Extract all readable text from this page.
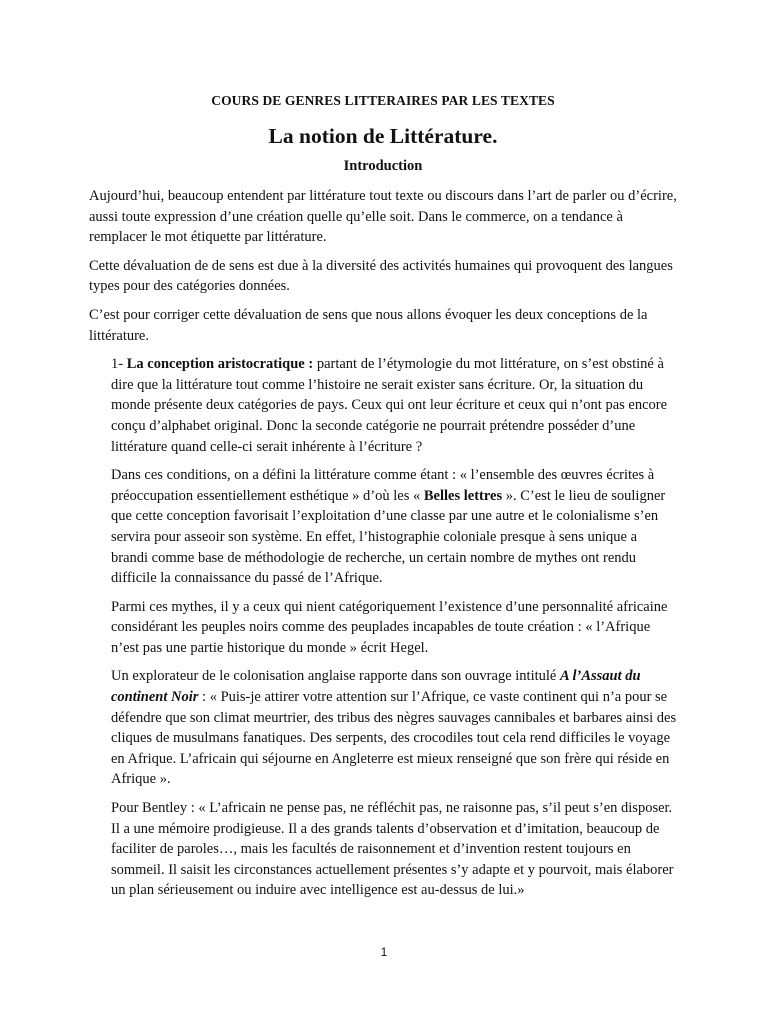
COURS DE GENRES LITTERAIRES PAR LES TEXTES
La notion de Littérature.
Introduction

Aujourd’hui, beaucoup entendent par littérature tout texte ou discours dans l’art de parler ou d’écrire, aussi toute expression d’une création quelle qu’elle soit. Dans le commerce, on a tendance à remplacer le mot étiquette par littérature.

Cette dévaluation de de sens est due à la diversité des activités humaines qui provoquent des langues types pour des catégories données.

C’est pour corriger cette dévaluation de sens que nous allons évoquer les deux conceptions de la littérature.

1- La conception aristocratique : partant de l’étymologie du mot littérature, on s’est obstiné à dire que la littérature tout comme l’histoire ne serait exister sans écriture. Or, la situation du monde présente deux catégories de pays. Ceux qui ont leur écriture et ceux qui n’ont pas encore conçu d’alphabet original. Donc la seconde catégorie ne pourrait prétendre posséder d’une littérature quand celle-ci serait inhérente à l’écriture ?

Dans ces conditions, on a défini la littérature comme étant : « l’ensemble des œuvres écrites à préoccupation essentiellement esthétique » d’où les « Belles lettres ». C’est le lieu de souligner que cette conception favorisait l’exploitation d’une classe par une autre et le colonialisme s’en servira pour asseoir son système. En effet, l’histographie coloniale presque à sens unique a brandi comme base de méthodologie de recherche, un certain nombre de mythes ont rendu difficile la connaissance du passé de l’Afrique.

Parmi ces mythes, il y a ceux qui nient catégoriquement l’existence d’une personnalité africaine considérant les peuples noirs comme des peuplades incapables de toute création : « l’Afrique n’est pas une partie historique du monde » écrit Hegel.

Un explorateur de le colonisation anglaise rapporte dans son ouvrage intitulé A l’Assaut du continent Noir : « Puis-je attirer votre attention sur l’Afrique, ce vaste continent qui n’a pour se défendre que son climat meurtrier, des tribus des nègres sauvages cannibales et barbares ainsi des cliques de musulmans fanatiques. Des serpents, des crocodiles tout cela rend difficiles le voyage en Afrique. L’africain qui séjourne en Angleterre est mieux renseigné que son frère qui réside en Afrique ».

Pour Bentley : « L’africain ne pense pas, ne réfléchit pas, ne raisonne pas, s’il peut s’en disposer. Il a une mémoire prodigieuse. Il a des grands talents d’observation et d’imitation, beaucoup de faciliter de paroles…, mais les facultés de raisonnement et d’invention restent toujours en sommeil. Il saisit les circonstances actuellement présentes s’y adapte et y pourvoit, mais élaborer un plan sérieusement ou induire avec intelligence est au-dessus de lui.»

1
